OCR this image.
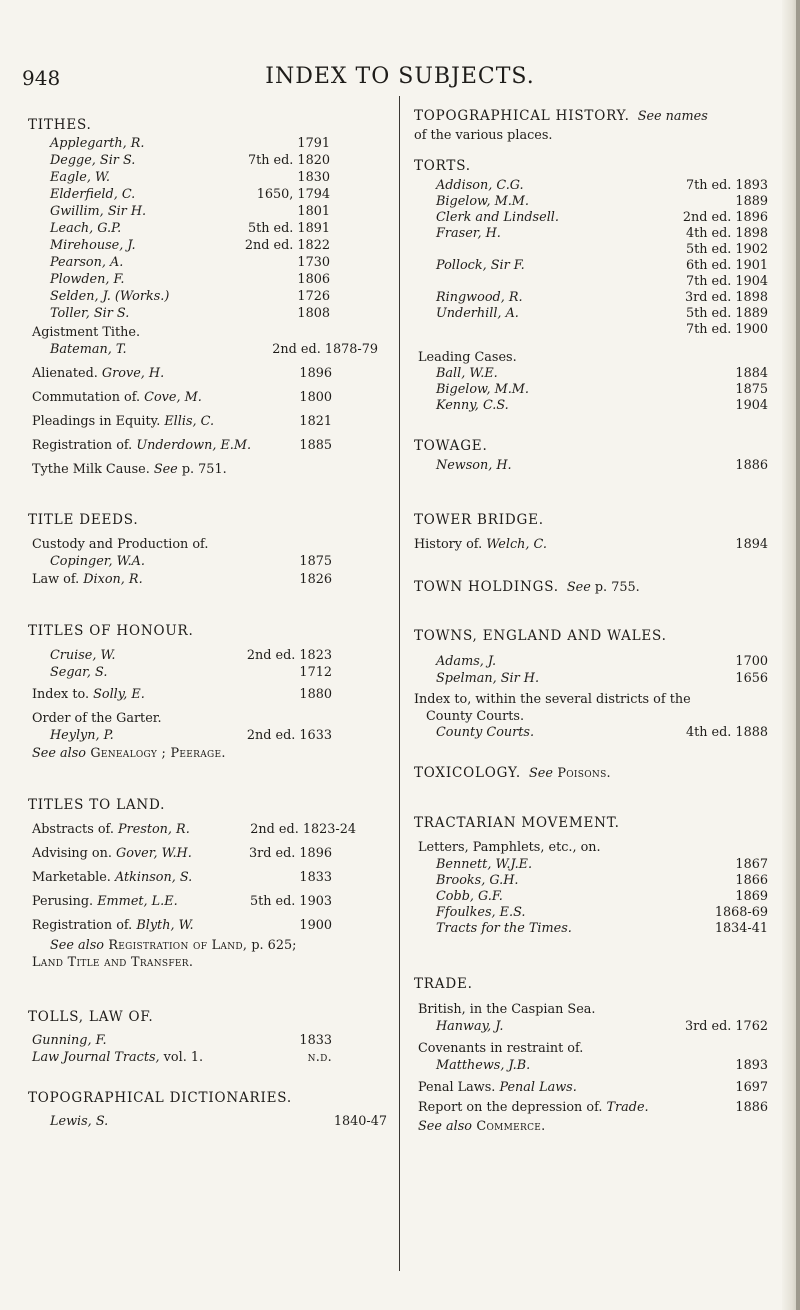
948	INDEX TO SUBJECTS.
TITHES.
Applegarth, R.	1791
Degge, Sir S.	7th ed. 1820
Eagle, W.	1830
Elderfield, C.	1650, 1794
Gwillim, Sir H.	1801
Leach, G.P.	5th ed. 1891
Mirehouse, J.	2nd ed. 1822
Pearson, A.	1730
Plowden, F.	1806
Selden, J. (Works.)	1726
Toller, Sir S.	1808
Agistment Tithe.
Bateman, T.	2nd ed. 1878-79
Alienated. Grove, H.	1896
Commutation of. Cove, M.	1800
Pleadings in Equity. Ellis, C.	1821
Registration of. Underdown, E.M.	1885
Tythe Milk Cause. See p. 751.
TITLE DEEDS.
Custody and Production of.
Copinger, W.A.	1875
Law of. Dixon, R.	1826
TITLES OF HONOUR.
Cruise, W.	2nd ed. 1823
Segar, S.	1712
Index to. Solly, E.	1880
Order of the Garter.
Heylyn, P.	2nd ed. 1633
See also Genealogy ; Peerage.
TITLES TO LAND.
Abstracts of. Preston, R.	2nd ed. 1823-24
Advising on. Gover, W.H.	3rd ed. 1896
Marketable. Atkinson, S.	1833
Perusing. Emmet, L.E.	5th ed. 1903
Registration of. Blyth, W.	1900
See also Registration of Land, p. 625;
Land Title and Transfer.
TOLLS, LAW OF.
Gunning, F.	1833
Law Journal Tracts, vol. 1.	n.d.
TOPOGRAPHICAL DICTIONARIES.
Lewis, S.	1840-47
TOPOGRAPHICAL HISTORY. See names
of the various places.
TORTS.
Addison, C.G.	7th ed. 1893
Bigelow, M.M.	1889
Clerk and Lindsell.	2nd ed. 1896
Fraser, H.	4th ed. 1898
5th ed. 1902
Pollock, Sir F.	6th ed. 1901
7th ed. 1904
Ringwood, R.	3rd ed. 1898
Underhill, A.	5th ed. 1889
7th ed. 1900
Leading Cases.
Ball, W.E.	1884
Bigelow, M.M.	1875
Kenny, C.S.	1904
TOWAGE.
Newson, H.	1886
TOWER BRIDGE.
History of. Welch, C.	1894
TOWN HOLDINGS. See p. 755.
TOWNS, ENGLAND AND WALES.
Adams, J.	1700
Spelman, Sir H.	1656
Index to, within the several districts of the
County Courts.
County Courts.	4th ed. 1888
TOXICOLOGY. See Poisons.
TRACTARIAN MOVEMENT.
Letters, Pamphlets, etc., on.
Bennett, W.J.E.	1867
Brooks, G.H.	1866
Cobb, G.F.	1869
Ffoulkes, E.S.	1868-69
Tracts for the Times.	1834-41
TRADE.
British, in the Caspian Sea.
Hanway, J.	3rd ed. 1762
Covenants in restraint of.
Matthews, J.B.	1893
Penal Laws. Penal Laws.	1697
Report on the depression of. Trade.	1886
See also Commerce.
